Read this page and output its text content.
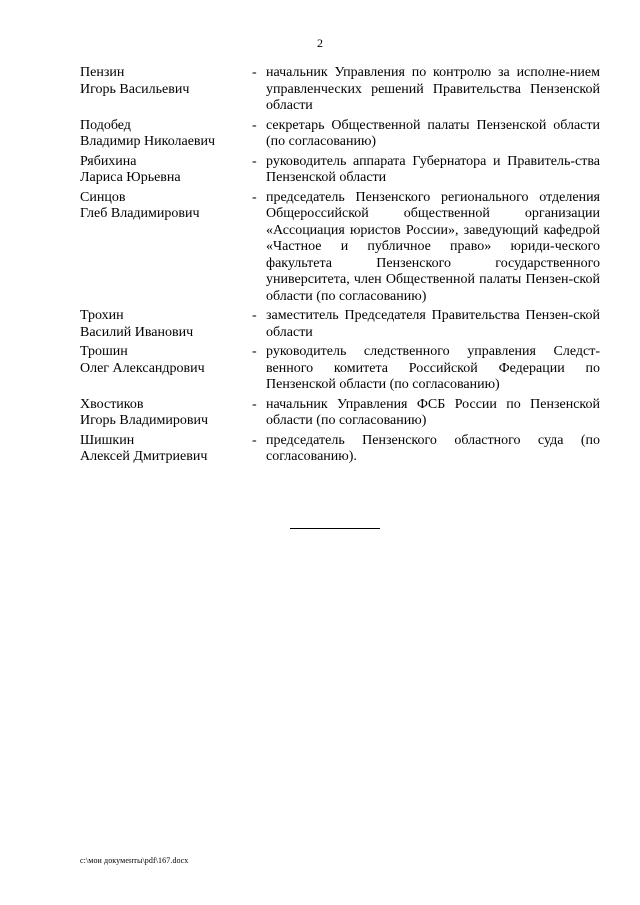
2
Пензин
Игорь Васильевич
- начальник Управления по контролю за исполне-нием управленческих решений Правительства Пензенской области
Подобед
Владимир Николаевич
- секретарь Общественной палаты Пензенской области (по согласованию)
Рябихина
Лариса Юрьевна
- руководитель аппарата Губернатора и Правитель-ства Пензенской области
Синцов
Глеб Владимирович
- председатель Пензенского регионального отделения Общероссийской общественной организации «Ассоциация юристов России», заведующий кафедрой «Частное и публичное право» юриди-ческого факультета Пензенского государственного университета, член Общественной палаты Пензен-ской области (по согласованию)
Трохин
Василий Иванович
- заместитель Председателя Правительства Пензен-ской области
Трошин
Олег Александрович
- руководитель следственного управления Следст-венного комитета Российской Федерации по Пензенской области (по согласованию)
Хвостиков
Игорь Владимирович
- начальник Управления ФСБ России по Пензенской области (по согласованию)
Шишкин
Алексей Дмитриевич
- председатель Пензенского областного суда (по согласованию).
c:\мои документы\pdf\167.docx
